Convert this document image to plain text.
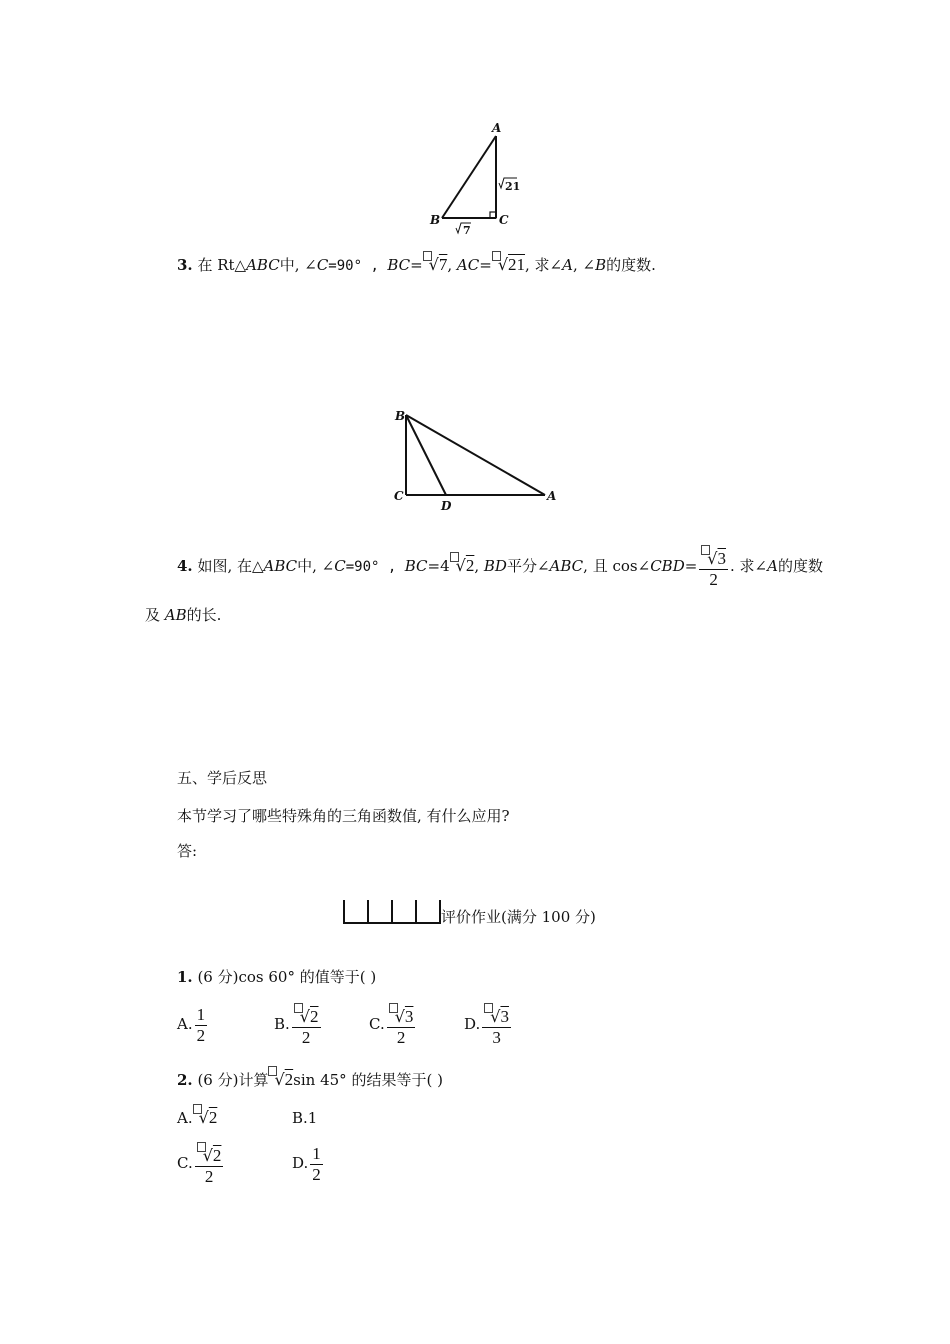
A
B	C
21
7
3. 在 Rt△ABC中, ∠C=90° , BC= √7, AC= √21, 求∠A, ∠B的度数.
B
C
D
A
4. 如图, 在△ABC中, ∠C=90° , BC=4 √2, BD平分∠ABC, 且 cos∠CBD= $\frac{√3}{2}$ . 求∠A的度数
及 AB的长.
五、学后反思
本节学习了哪些特殊角的三角函数值, 有什么应用?
答:
评价作业(满分 100 分)
1. (6 分)cos 60° 的值等于( )
A. $\frac{1}{2}$	B. $\frac{√2}{2}$	C. $\frac{√3}{2}$	D. $\frac{√3}{3}$
2. (6 分)计算 √2sin 45° 的结果等于( )
A. √2	B.1
C. $\frac{√2}{2}$	D. $\frac{1}{2}$
